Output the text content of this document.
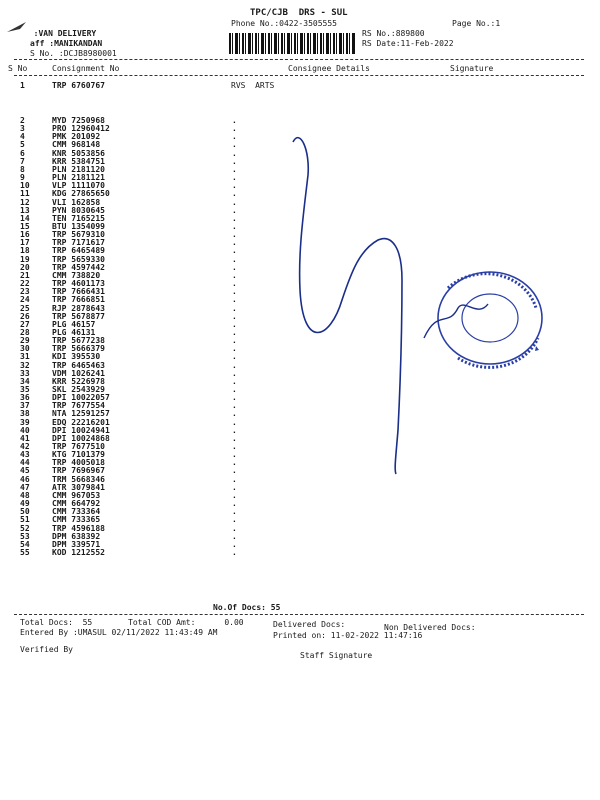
TPC/CJB  DRS - SUL
Phone No.:0422-3505555	Page No.:1
:VAN DELIVERY
aff :MANIKANDAN
S No. :DCJB8980001
RS No.:889800
RS Date:11-Feb-2022
S No	Consignment No	Consignee Details	Signature
1	TRP 6760767	RVS  ARTS
2	MYD 7250968	.
3	PRO 12960412	.
4	PMK 201092	.
5	CMM 968148	.
6	KNR 5053856	.
7	KRR 5384751	.
8	PLN 2181120	.
9	PLN 2181121	.
10	VLP 1111070	.
11	KDG 27865650	.
12	VLI 162858	.
13	PYN 8030645	.
14	TEN 7165215	.
15	BTU 1354099	.
16	TRP 5679310	.
17	TRP 7171617	.
18	TRP 6465489	.
19	TRP 5659330	.
20	TRP 4597442	.
21	CMM 738820	.
22	TRP 4601173	.
23	TRP 7666431	.
24	TRP 7666851	.
25	RJP 2878643	.
26	TRP 5678877	.
27	PLG 46157	.
28	PLG 46131	.
29	TRP 5677238	.
30	TRP 5666379	.
31	KDI 395530	.
32	TRP 6465463	.
33	VDM 1026241	.
34	KRR 5226978	.
35	SKL 2543929	.
36	DPI 10022057	.
37	TRP 7677554	.
38	NTA 12591257	.
39	EDQ 22216201	.
40	DPI 10024941	.
41	DPI 10024868	.
42	TRP 7677510	.
43	KTG 7101379	.
44	TRP 4005018	.
45	TRP 7696967	.
46	TRM 5668346	.
47	ATR 3079841	.
48	CMM 967053	.
49	CMM 664792	.
50	CMM 733364	.
51	CMM 733365	.
52	TRP 4596188	.
53	DPM 638392	.
54	DPM 339571	.
55	KOD 1212552	.
No.Of Docs: 55
Total Docs:  55	Total COD Amt:      0.00	Delivered Docs:	Non Delivered Docs:
Entered By :UMASUL 02/11/2022 11:43:49 AM	Printed on: 11-02-2022 11:47:16
Verified By
Staff Signature
